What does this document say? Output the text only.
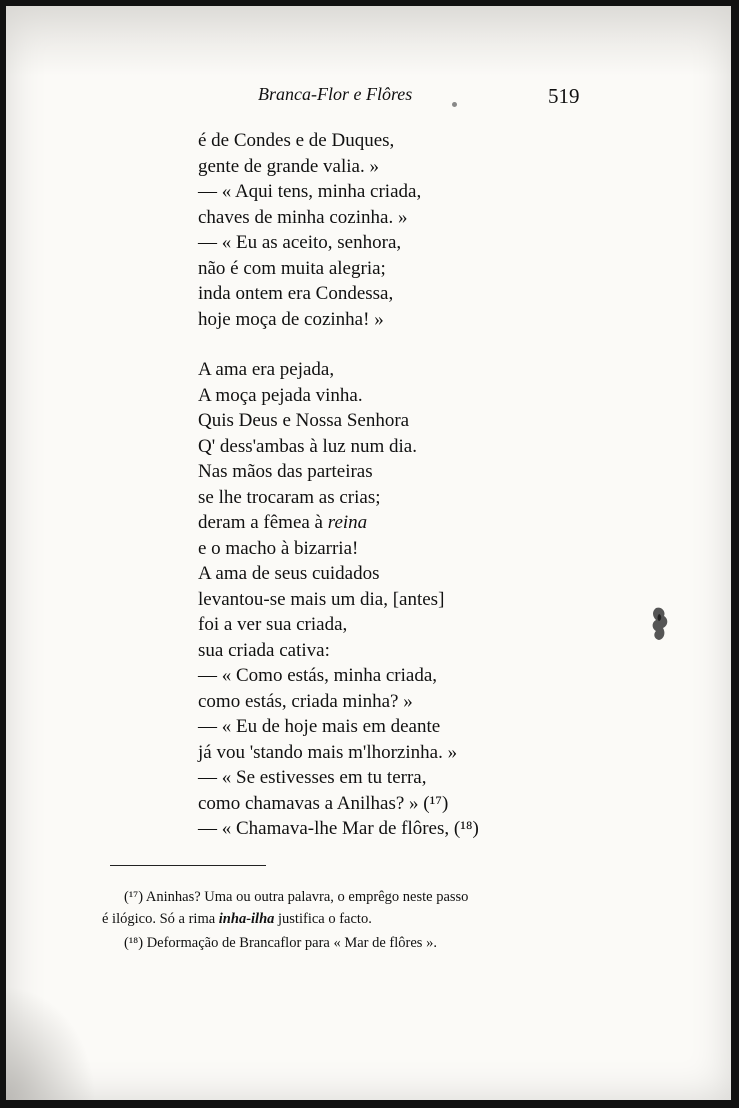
Branca-Flor e Flôres	519
é de Condes e de Duques,
gente de grande valia. »
— « Aqui tens, minha criada,
chaves de minha cozinha. »
— « Eu as aceito, senhora,
não é com muita alegria;
inda ontem era Condessa,
hoje moça de cozinha! »
A ama era pejada,
A moça pejada vinha.
Quis Deus e Nossa Senhora
Q' dess'ambas à luz num dia.
Nas mãos das parteiras
se lhe trocaram as crias;
deram a fêmea à reina
e o macho à bizarria!
A ama de seus cuidados
levantou-se mais um dia, [antes]
foi a ver sua criada,
sua criada cativa:
— « Como estás, minha criada,
como estás, criada minha? »
— « Eu de hoje mais em deante
já vou 'stando mais m'lhorzinha. »
— « Se estivesses em tu terra,
como chamavas a Anilhas? » (¹⁷)
— « Chamava-lhe Mar de flôres, (¹⁸)
(¹⁷) Aninhas? Uma ou outra palavra, o emprêgo neste passo
é ilógico. Só a rima inha-ilha justifica o facto.
(¹⁸) Deformação de Brancaflor para « Mar de flôres ».
